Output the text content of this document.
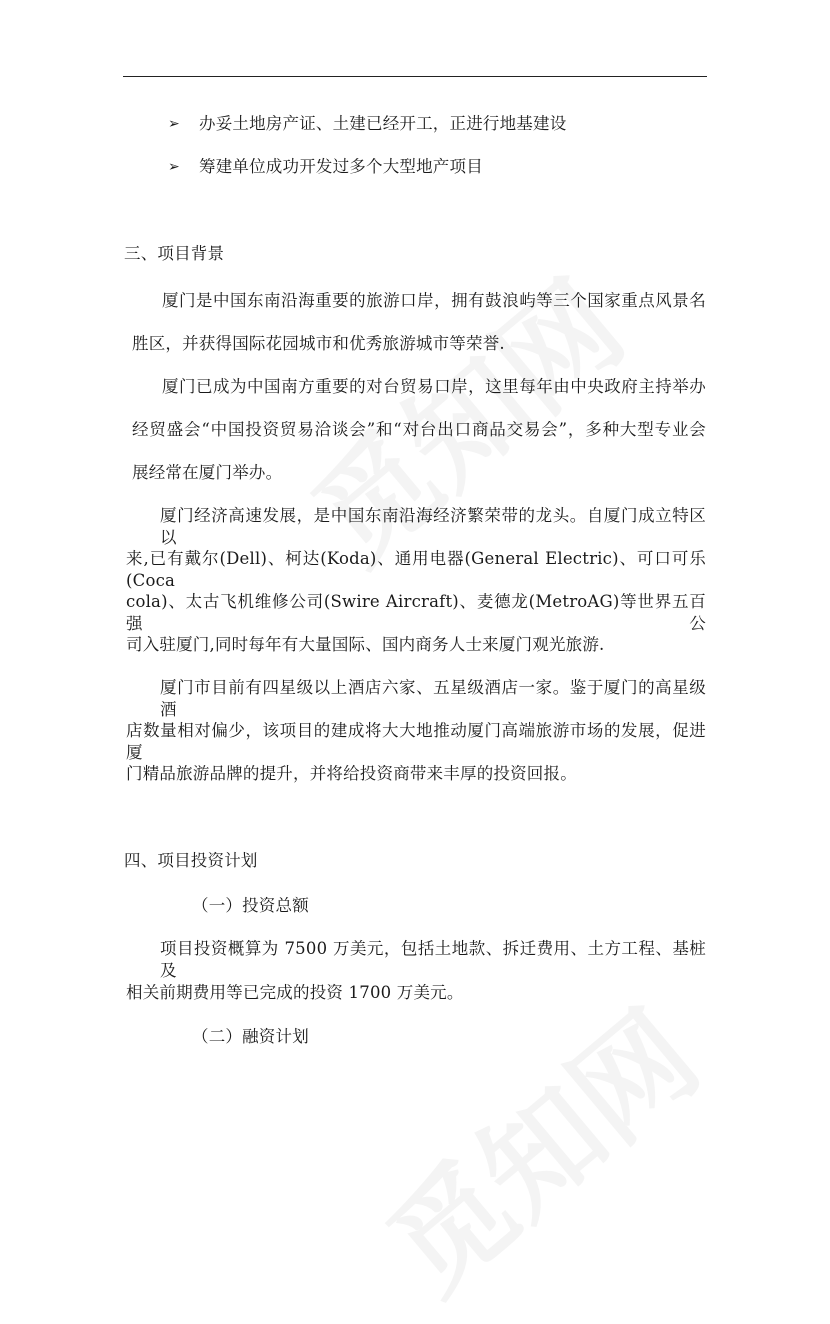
➢ 办妥土地房产证、土建已经开工，正进行地基建设
➢ 筹建单位成功开发过多个大型地产项目
三、项目背景
厦门是中国东南沿海重要的旅游口岸，拥有鼓浪屿等三个国家重点风景名
胜区，并获得国际花园城市和优秀旅游城市等荣誉.
厦门已成为中国南方重要的对台贸易口岸，这里每年由中央政府主持举办
经贸盛会“中国投资贸易洽谈会”和“对台出口商品交易会”，多种大型专业会
展经常在厦门举办。
厦门经济高速发展，是中国东南沿海经济繁荣带的龙头。自厦门成立特区以
来,已有戴尔(Dell)、柯达(Koda)、通用电器(General Electric)、可口可乐(Coca
cola)、太古飞机维修公司(Swire Aircraft)、麦德龙(MetroAG)等世界五百强公
司入驻厦门,同时每年有大量国际、国内商务人士来厦门观光旅游.
厦门市目前有四星级以上酒店六家、五星级酒店一家。鉴于厦门的高星级酒
店数量相对偏少，该项目的建成将大大地推动厦门高端旅游市场的发展，促进厦
门精品旅游品牌的提升，并将给投资商带来丰厚的投资回报。
四、项目投资计划
（一）投资总额
项目投资概算为 7500 万美元，包括土地款、拆迁费用、土方工程、基桩及
相关前期费用等已完成的投资 1700 万美元。
（二）融资计划
